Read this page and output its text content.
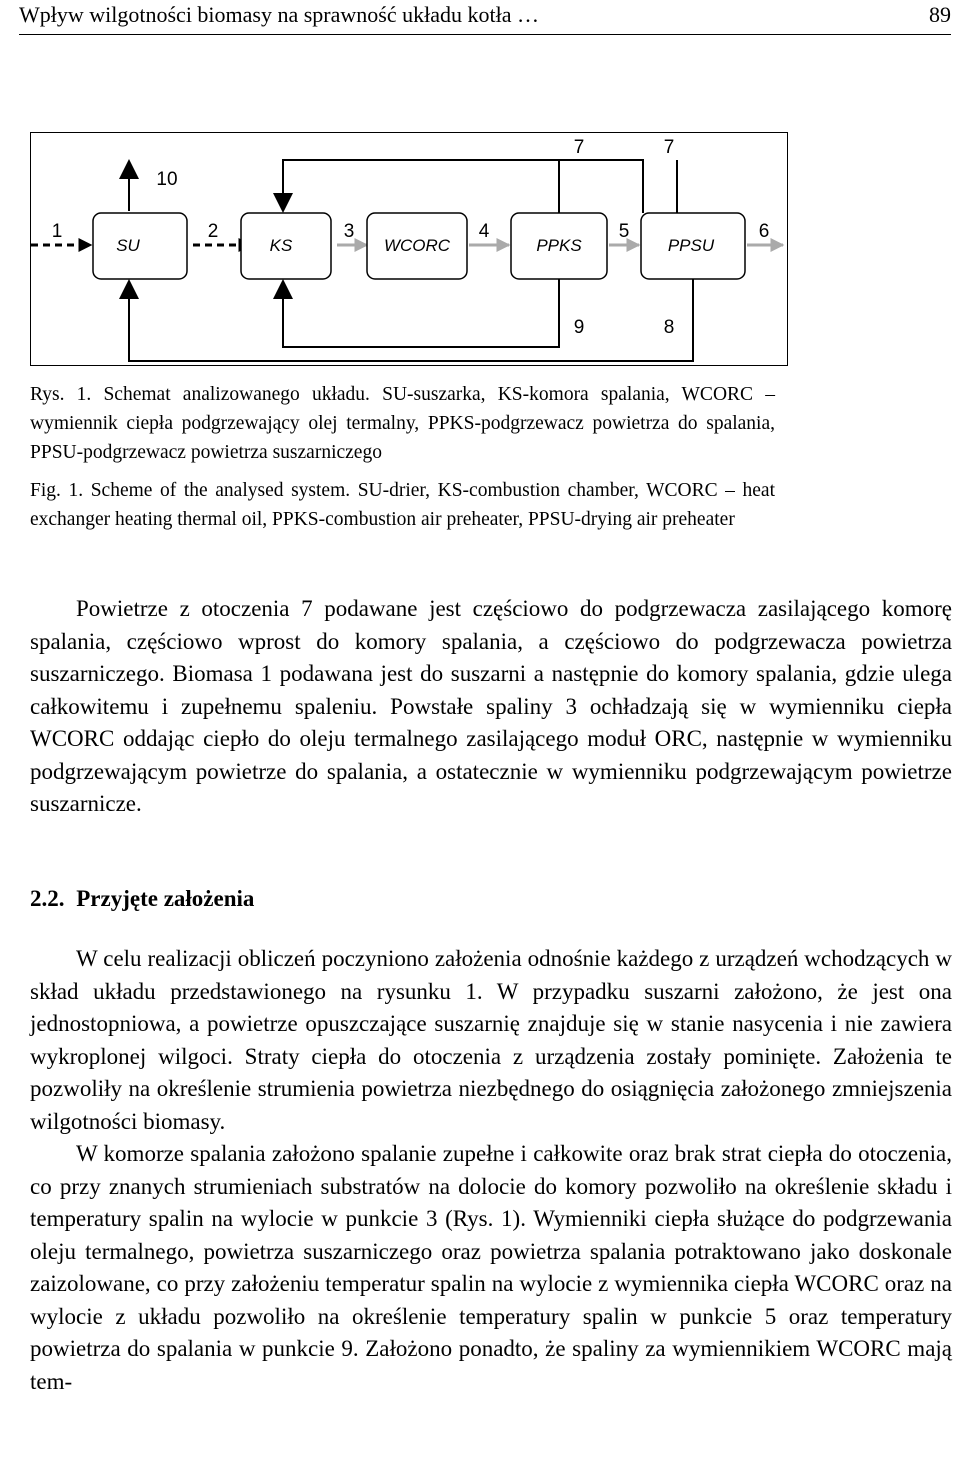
Wpływ wilgotności biomasy na sprawność układu kotła …	89
SU	KS	WCORC	PPKS	PPSU
1	2	3	4	5	6
7	7
8
9
10
Rys. 1. Schemat analizowanego układu. SU-suszarka, KS-komora spalania, WCORC – wymiennik ciepła podgrzewający olej termalny, PPKS-podgrzewacz powietrza do spalania, PPSU-podgrzewacz powietrza suszarniczego
Fig. 1. Scheme of the analysed system. SU-drier, KS-combustion chamber, WCORC – heat exchanger heating thermal oil, PPKS-combustion air preheater, PPSU-drying air preheater

Powietrze z otoczenia 7 podawane jest częściowo do podgrzewacza zasilającego komorę spalania, częściowo wprost do komory spalania, a częściowo do podgrzewacza powietrza suszarniczego. Biomasa 1 podawana jest do suszarni a następnie do komory spalania, gdzie ulega całkowitemu i zupełnemu spaleniu. Powstałe spaliny 3 ochładzają się w wymienniku ciepła WCORC oddając ciepło do oleju termalnego zasilającego moduł ORC, następnie w wymienniku podgrzewającym powietrze do spalania, a ostatecznie w wymienniku podgrzewającym powietrze suszarnicze.

2.2. Przyjęte założenia

W celu realizacji obliczeń poczyniono założenia odnośnie każdego z urządzeń wchodzących w skład układu przedstawionego na rysunku 1. W przypadku suszarni założono, że jest ona jednostopniowa, a powietrze opuszczające suszarnię znajduje się w stanie nasycenia i nie zawiera wykroplonej wilgoci. Straty ciepła do otoczenia z urządzenia zostały pominięte. Założenia te pozwoliły na określenie strumienia powietrza niezbędnego do osiągnięcia założonego zmniejszenia wilgotności biomasy.

W komorze spalania założono spalanie zupełne i całkowite oraz brak strat ciepła do otoczenia, co przy znanych strumieniach substratów na dolocie do komory pozwoliło na określenie składu i temperatury spalin na wylocie w punkcie 3 (Rys. 1). Wymienniki ciepła służące do podgrzewania oleju termalnego, powietrza suszarniczego oraz powietrza spalania potraktowano jako doskonale zaizolowane, co przy założeniu temperatur spalin na wylocie z wymiennika ciepła WCORC oraz na wylocie z układu pozwoliło na określenie temperatury spalin w punkcie 5 oraz temperatury powietrza do spalania w punkcie 9. Założono ponadto, że spaliny za wymiennikiem WCORC mają tem-
